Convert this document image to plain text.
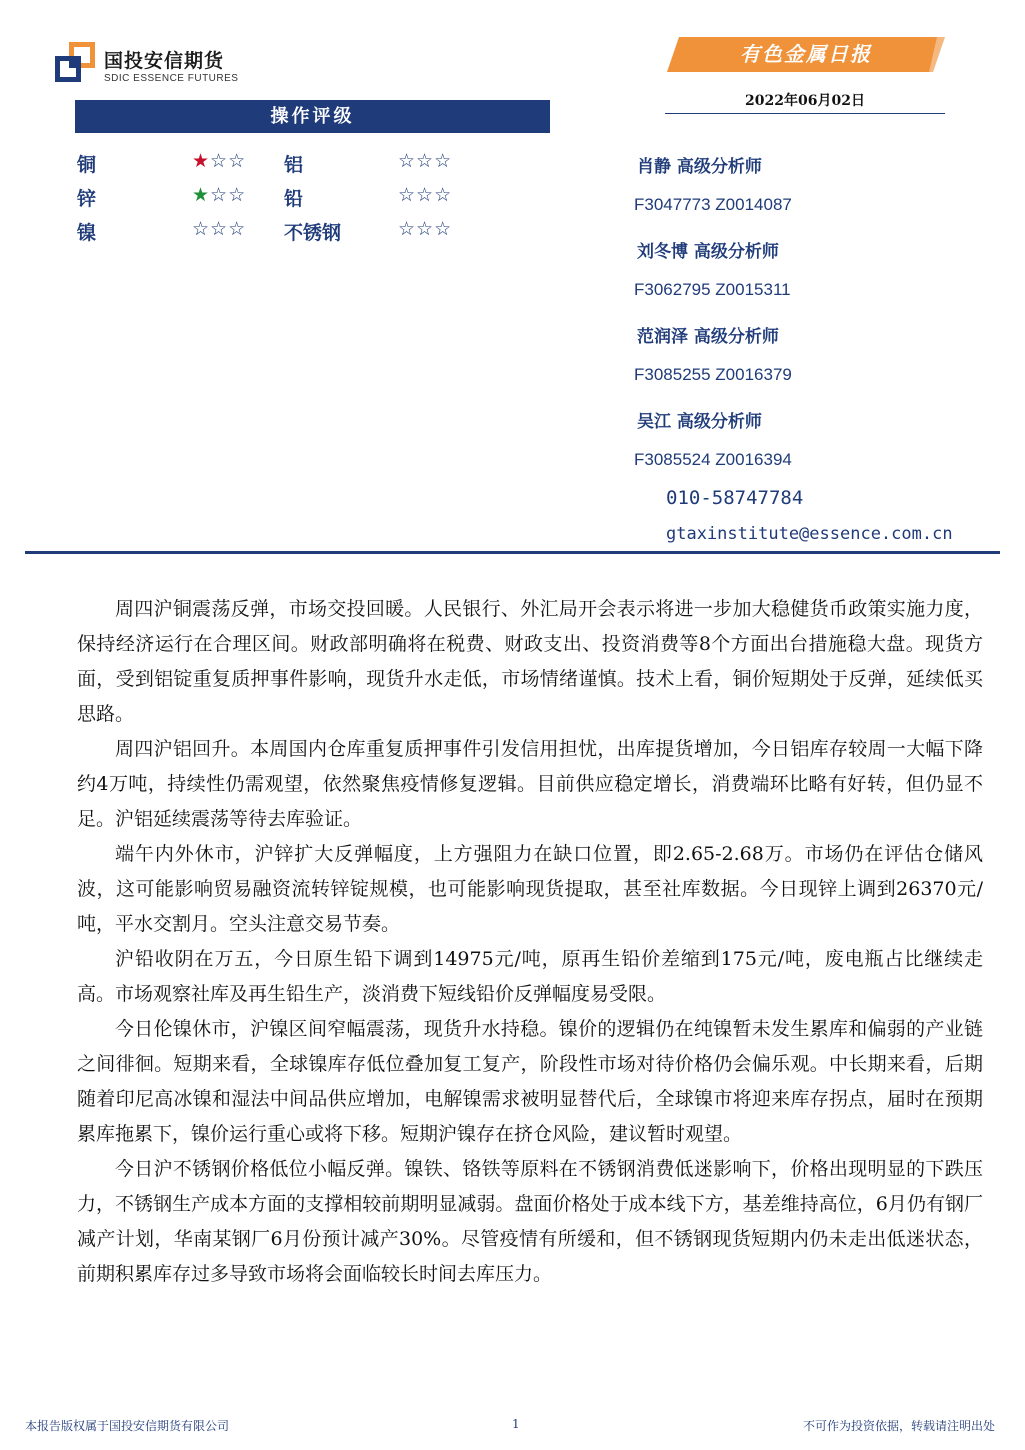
国投安信期货
SDIC ESSENCE FUTURES
有色金属日报
2022年06月02日
操作评级
铜	★☆☆ 铝	☆☆☆
锌	★☆☆ 铅	☆☆☆
镍	☆☆☆ 不锈钢	☆☆☆
肖静 高级分析师
F3047773 Z0014087
刘冬博 高级分析师
F3062795 Z0015311
范润泽 高级分析师
F3085255 Z0016379
吴江 高级分析师
F3085524 Z0016394
010-58747784
gtaxinstitute@essence.com.cn

周四沪铜震荡反弹，市场交投回暖。人民银行、外汇局开会表示将进一步加大稳健货币政策实施力度，保持经济运行在合理区间。财政部明确将在税费、财政支出、投资消费等8个方面出台措施稳大盘。现货方面，受到铝锭重复质押事件影响，现货升水走低，市场情绪谨慎。技术上看，铜价短期处于反弹，延续低买思路。

周四沪铝回升。本周国内仓库重复质押事件引发信用担忧，出库提货增加，今日铝库存较周一大幅下降约4万吨，持续性仍需观望，依然聚焦疫情修复逻辑。目前供应稳定增长，消费端环比略有好转，但仍显不足。沪铝延续震荡等待去库验证。

端午内外休市，沪锌扩大反弹幅度，上方强阻力在缺口位置，即2.65-2.68万。市场仍在评估仓储风波，这可能影响贸易融资流转锌锭规模，也可能影响现货提取，甚至社库数据。今日现锌上调到26370元/吨，平水交割月。空头注意交易节奏。

沪铅收阴在万五，今日原生铅下调到14975元/吨，原再生铅价差缩到175元/吨，废电瓶占比继续走高。市场观察社库及再生铅生产，淡消费下短线铅价反弹幅度易受限。

今日伦镍休市，沪镍区间窄幅震荡，现货升水持稳。镍价的逻辑仍在纯镍暂未发生累库和偏弱的产业链之间徘徊。短期来看，全球镍库存低位叠加复工复产，阶段性市场对待价格仍会偏乐观。中长期来看，后期随着印尼高冰镍和湿法中间品供应增加，电解镍需求被明显替代后，全球镍市将迎来库存拐点，届时在预期累库拖累下，镍价运行重心或将下移。短期沪镍存在挤仓风险，建议暂时观望。

今日沪不锈钢价格低位小幅反弹。镍铁、铬铁等原料在不锈钢消费低迷影响下，价格出现明显的下跌压力，不锈钢生产成本方面的支撑相较前期明显减弱。盘面价格处于成本线下方，基差维持高位，6月仍有钢厂减产计划，华南某钢厂6月份预计减产30%。尽管疫情有所缓和，但不锈钢现货短期内仍未走出低迷状态，前期积累库存过多导致市场将会面临较长时间去库压力。

本报告版权属于国投安信期货有限公司	1	不可作为投资依据，转载请注明出处
